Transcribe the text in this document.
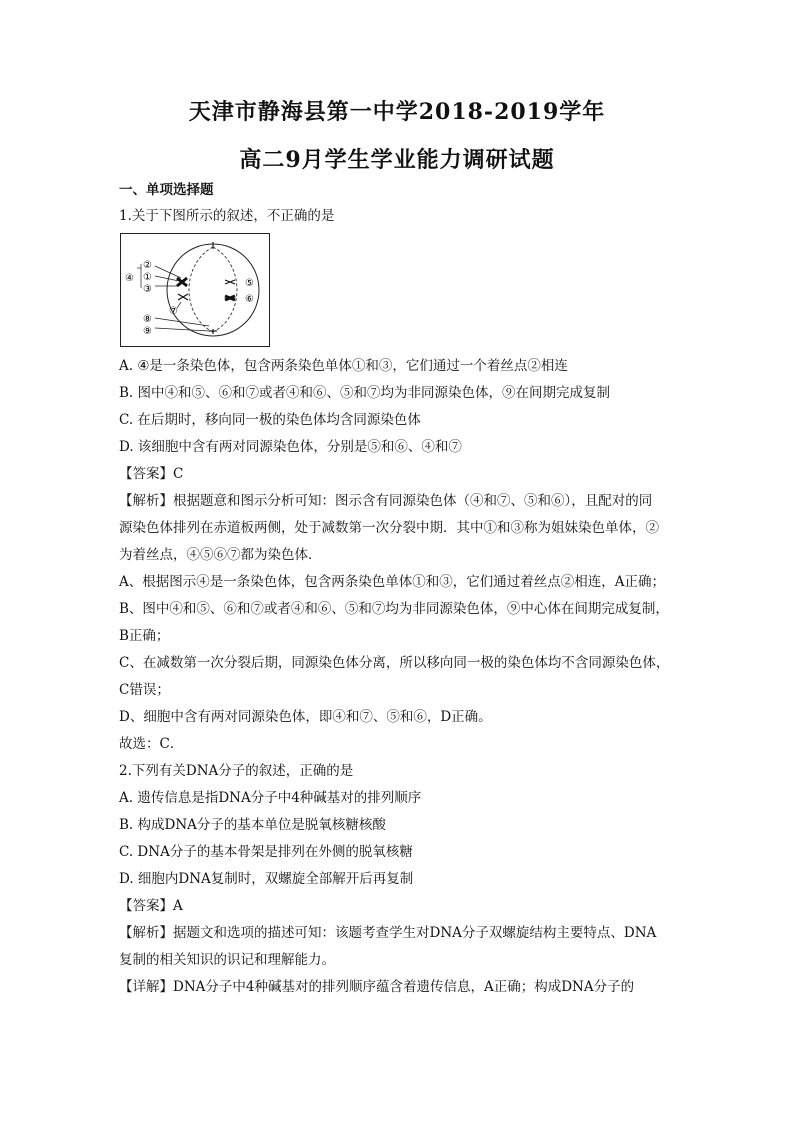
天津市静海县第一中学2018-2019学年
高二9月学生学业能力调研试题
一、单项选择题
1.关于下图所示的叙述，不正确的是
②
④ ①
③
⑤
⑥
⑦
⑧
⑨
A. ④是一条染色体，包含两条染色单体①和③，它们通过一个着丝点②相连
B. 图中④和⑤、⑥和⑦或者④和⑥、⑤和⑦均为非同源染色体，⑨在间期完成复制
C. 在后期时，移向同一极的染色体均含同源染色体
D. 该细胞中含有两对同源染色体，分别是⑤和⑥、④和⑦
【答案】C
【解析】根据题意和图示分析可知：图示含有同源染色体（④和⑦、⑤和⑥），且配对的同
源染色体排列在赤道板两侧，处于减数第一次分裂中期．其中①和③称为姐妹染色单体，②
为着丝点，④⑤⑥⑦都为染色体．
A、根据图示④是一条染色体，包含两条染色单体①和③，它们通过着丝点②相连，A正确；
B、图中④和⑤、⑥和⑦或者④和⑥、⑤和⑦均为非同源染色体，⑨中心体在间期完成复制，
B正确；
C、在减数第一次分裂后期，同源染色体分离，所以移向同一极的染色体均不含同源染色体，
C错误；
D、细胞中含有两对同源染色体，即④和⑦、⑤和⑥，D正确。
故选：C．
2.下列有关DNA分子的叙述，正确的是
A. 遗传信息是指DNA分子中4种碱基对的排列顺序
B. 构成DNA分子的基本单位是脱氧核糖核酸
C. DNA分子的基本骨架是排列在外侧的脱氧核糖
D. 细胞内DNA复制时，双螺旋全部解开后再复制
【答案】A
【解析】据题文和选项的描述可知：该题考查学生对DNA分子双螺旋结构主要特点、DNA
复制的相关知识的识记和理解能力。
【详解】DNA分子中4种碱基对的排列顺序蕴含着遗传信息，A正确；构成DNA分子的
